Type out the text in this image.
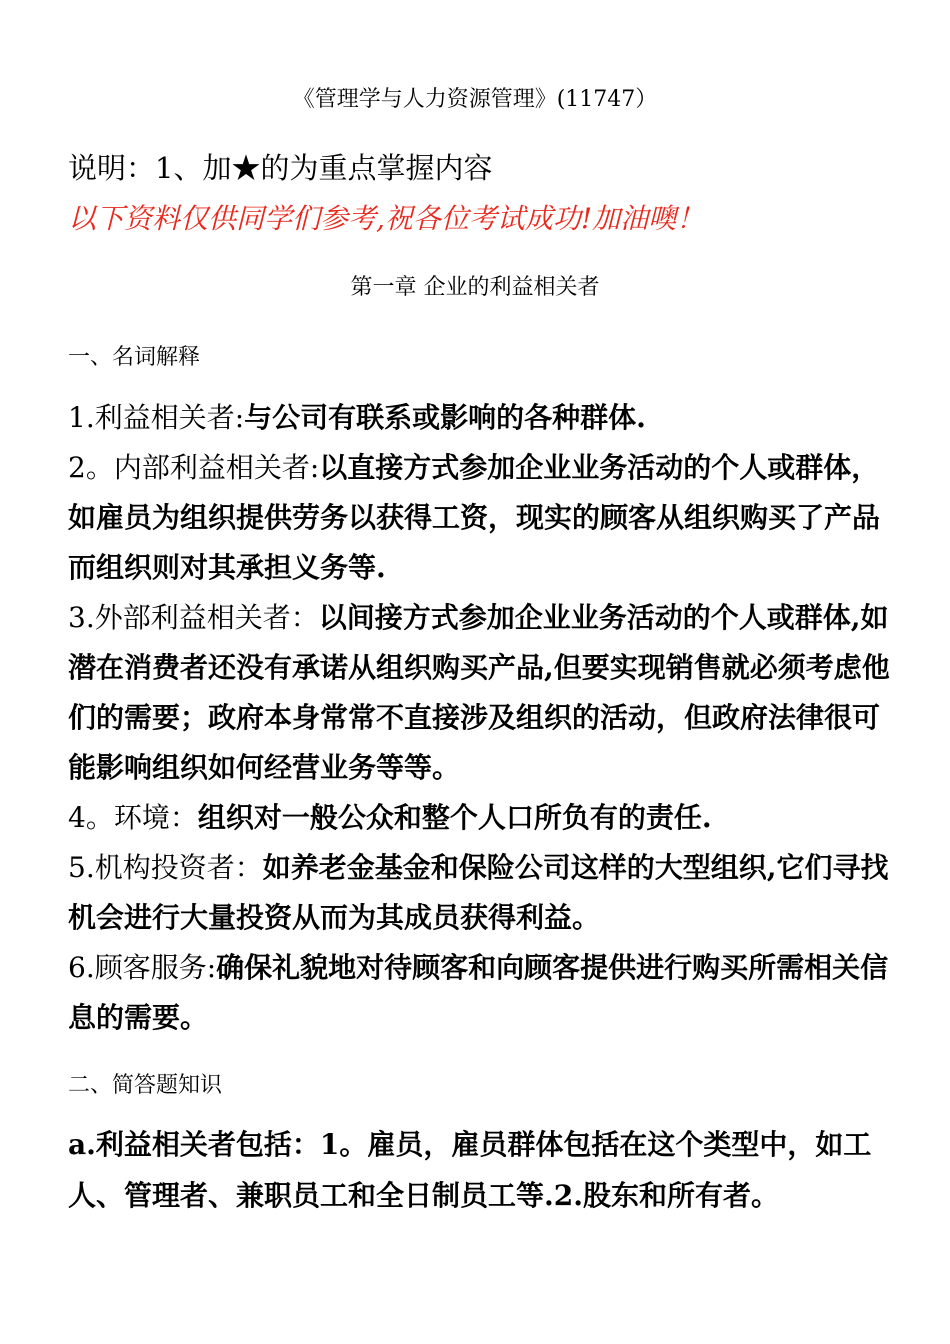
《管理学与人力资源管理》(11747）
说明：1、加★的为重点掌握内容
以下资料仅供同学们参考,祝各位考试成功!加油噢！
第一章 企业的利益相关者
一、名词解释

1.利益相关者:与公司有联系或影响的各种群体.

2。内部利益相关者:以直接方式参加企业业务活动的个人或群体，如雇员为组织提供劳务以获得工资，现实的顾客从组织购买了产品而组织则对其承担义务等.

3.外部利益相关者：以间接方式参加企业业务活动的个人或群体,如潜在消费者还没有承诺从组织购买产品,但要实现销售就必须考虑他们的需要；政府本身常常不直接涉及组织的活动，但政府法律很可能影响组织如何经营业务等等。

4。环境：组织对一般公众和整个人口所负有的责任.

5.机构投资者：如养老金基金和保险公司这样的大型组织,它们寻找机会进行大量投资从而为其成员获得利益。

6.顾客服务:确保礼貌地对待顾客和向顾客提供进行购买所需相关信息的需要。

二、简答题知识

a.利益相关者包括：1。雇员，雇员群体包括在这个类型中，如工人、管理者、兼职员工和全日制员工等.2.股东和所有者。
